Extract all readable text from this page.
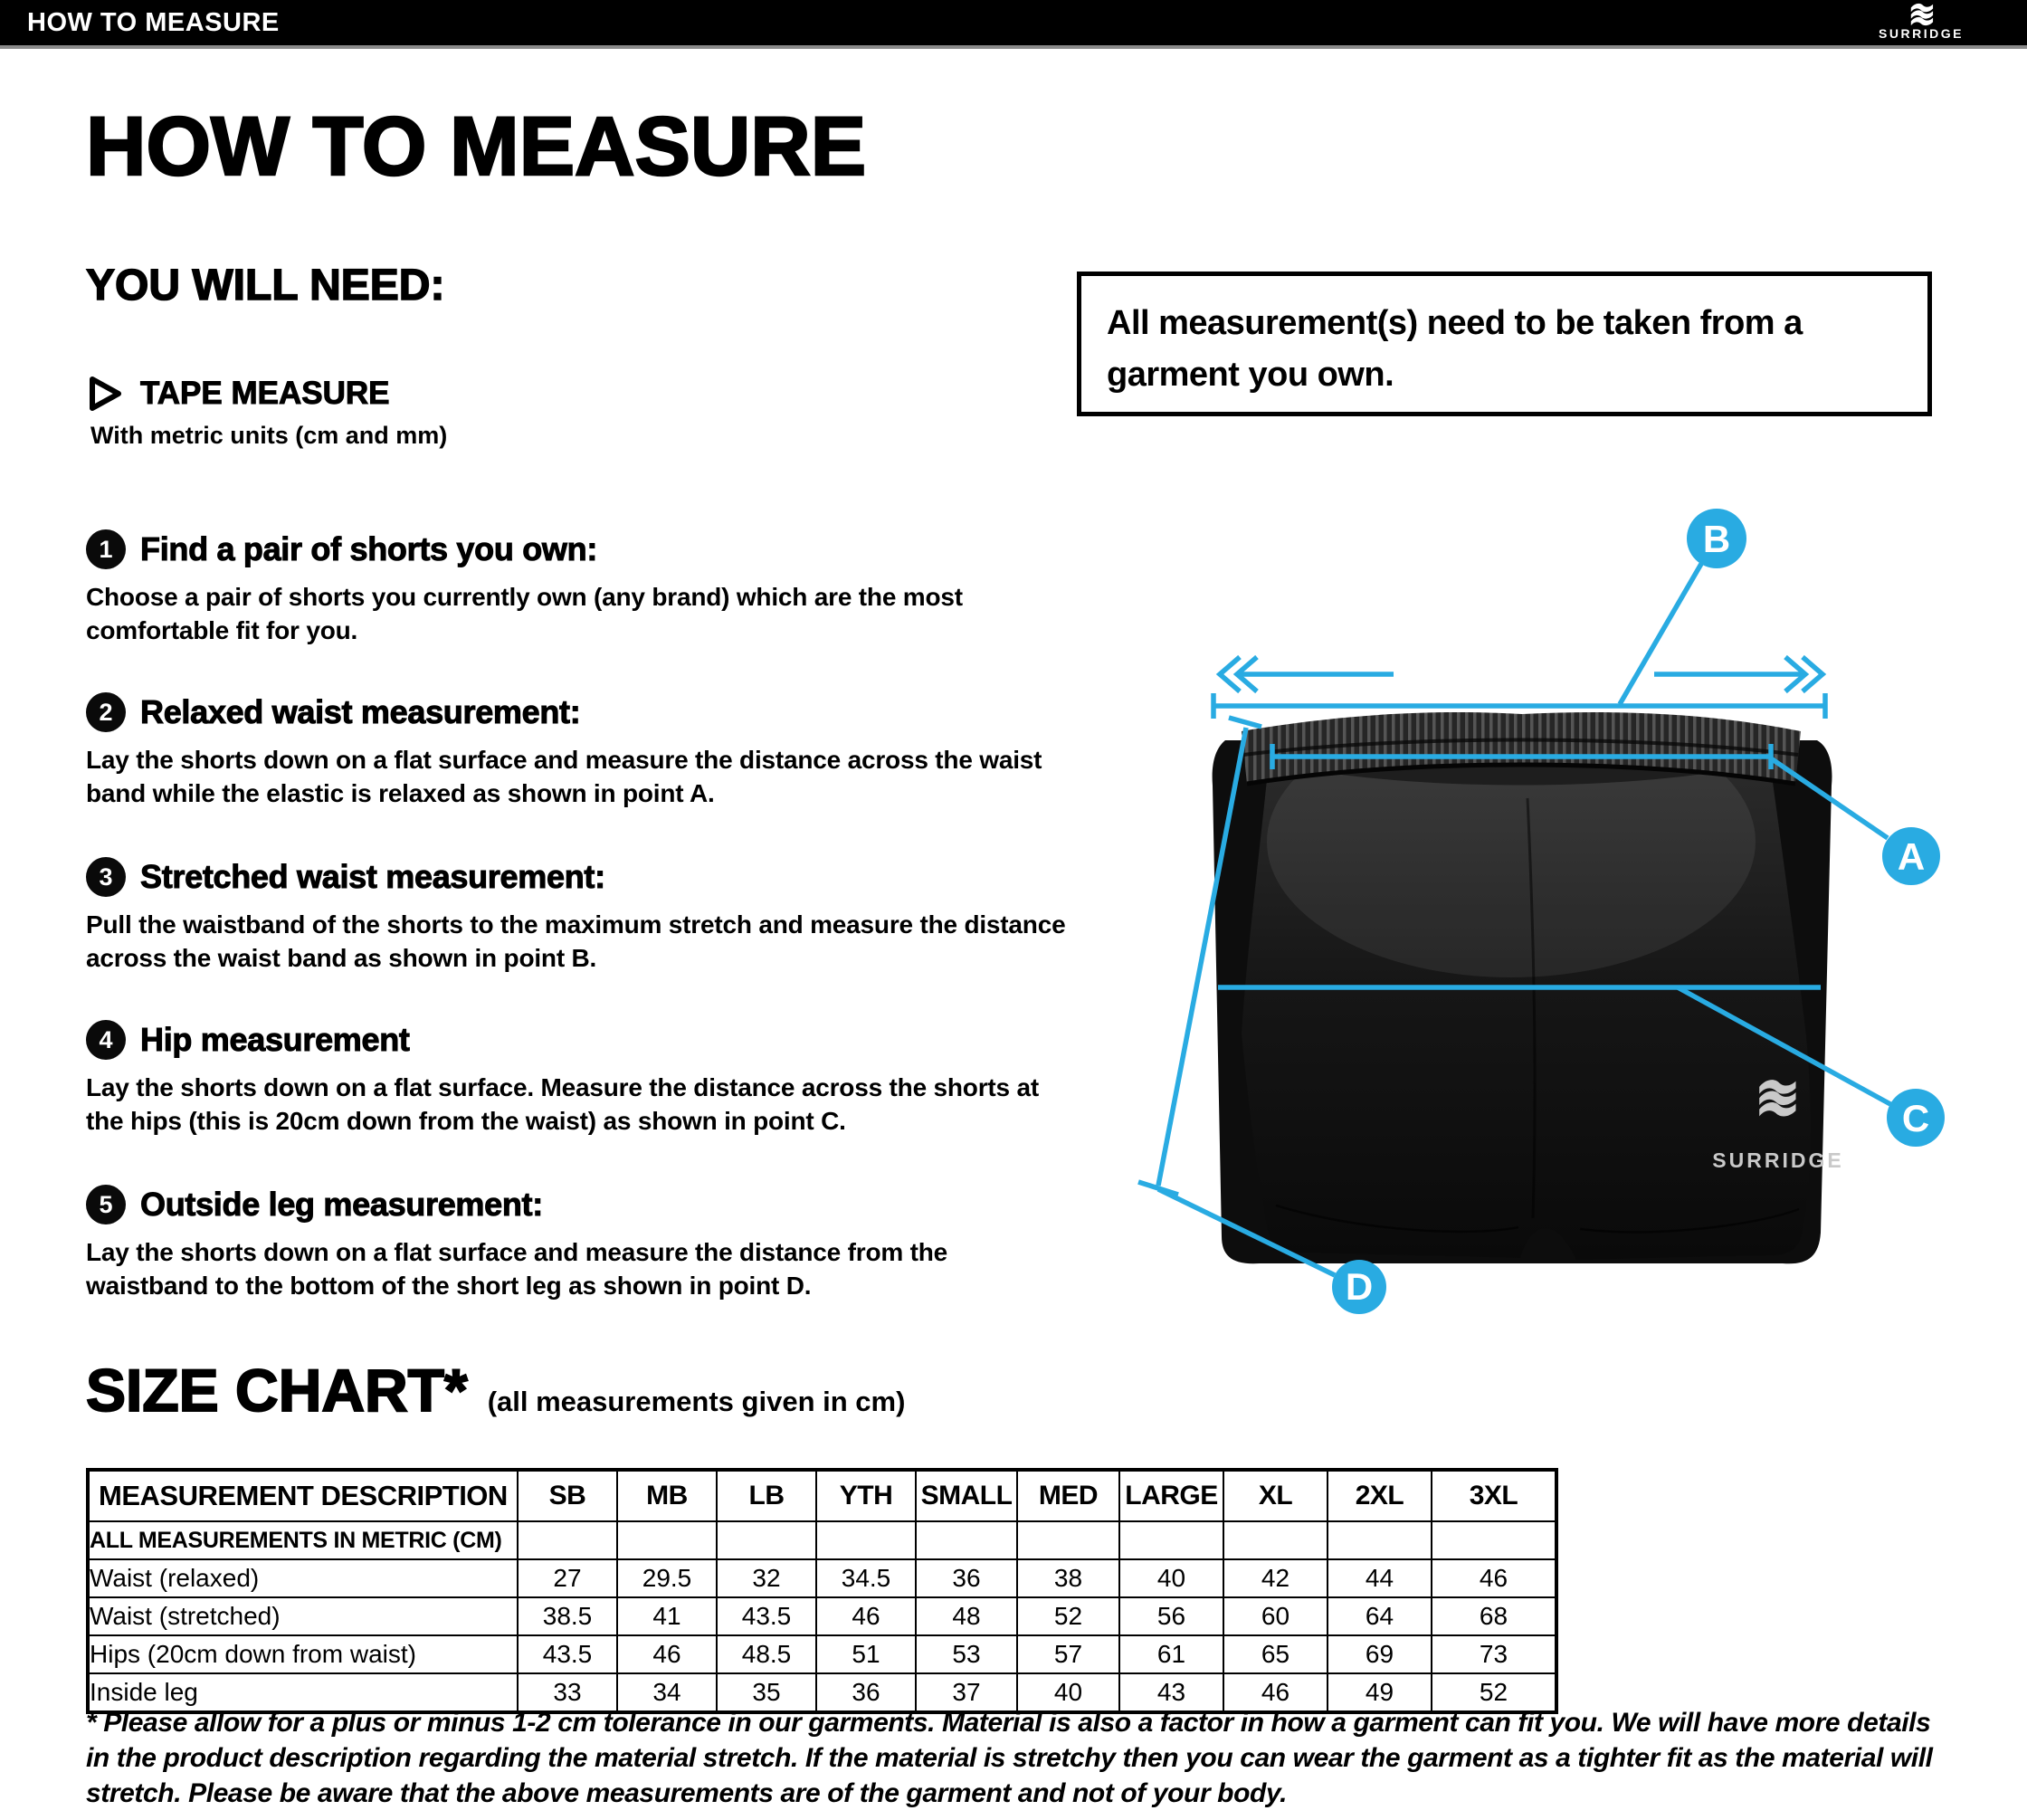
HOW TO MEASURE	SURRIDGE
HOW TO MEASURE
YOU WILL NEED:
TAPE MEASURE
With metric units (cm and mm)
All measurement(s) need to be taken from a garment you own.
1 Find a pair of shorts you own:
Choose a pair of shorts you currently own (any brand) which are the most comfortable fit for you.
2 Relaxed waist measurement:
Lay the shorts down on a flat surface and measure the distance across the waist band while the elastic is relaxed as shown in point A.
3 Stretched waist measurement:
Pull the waistband of the shorts to the maximum stretch and measure the distance across the waist band as shown in point B.
4 Hip measurement
Lay the shorts down on a flat surface. Measure the distance across the shorts at the hips (this is 20cm down from the waist) as shown in point C.
5 Outside leg measurement:
Lay the shorts down on a flat surface and measure the distance from the waistband to the bottom of the short leg as shown in point D.
SURRIDGE
B
A
C
D
SIZE CHART* (all measurements given in cm)
MEASUREMENT DESCRIPTION	SB	MB	LB	YTH	SMALL	MED	LARGE	XL	2XL	3XL
ALL MEASUREMENTS IN METRIC (CM)										
Waist (relaxed)	27	29.5	32	34.5	36	38	40	42	44	46
Waist (stretched)	38.5	41	43.5	46	48	52	56	60	64	68
Hips (20cm down from waist)	43.5	46	48.5	51	53	57	61	65	69	73
Inside leg	33	34	35	36	37	40	43	46	49	52
* Please allow for a plus or minus 1-2 cm tolerance in our garments. Material is also a factor in how a garment can fit you. We will have more details in the product description regarding the material stretch. If the material is stretchy then you can wear the garment as a tighter fit as the material will stretch. Please be aware that the above measurements are of the garment and not of your body.
